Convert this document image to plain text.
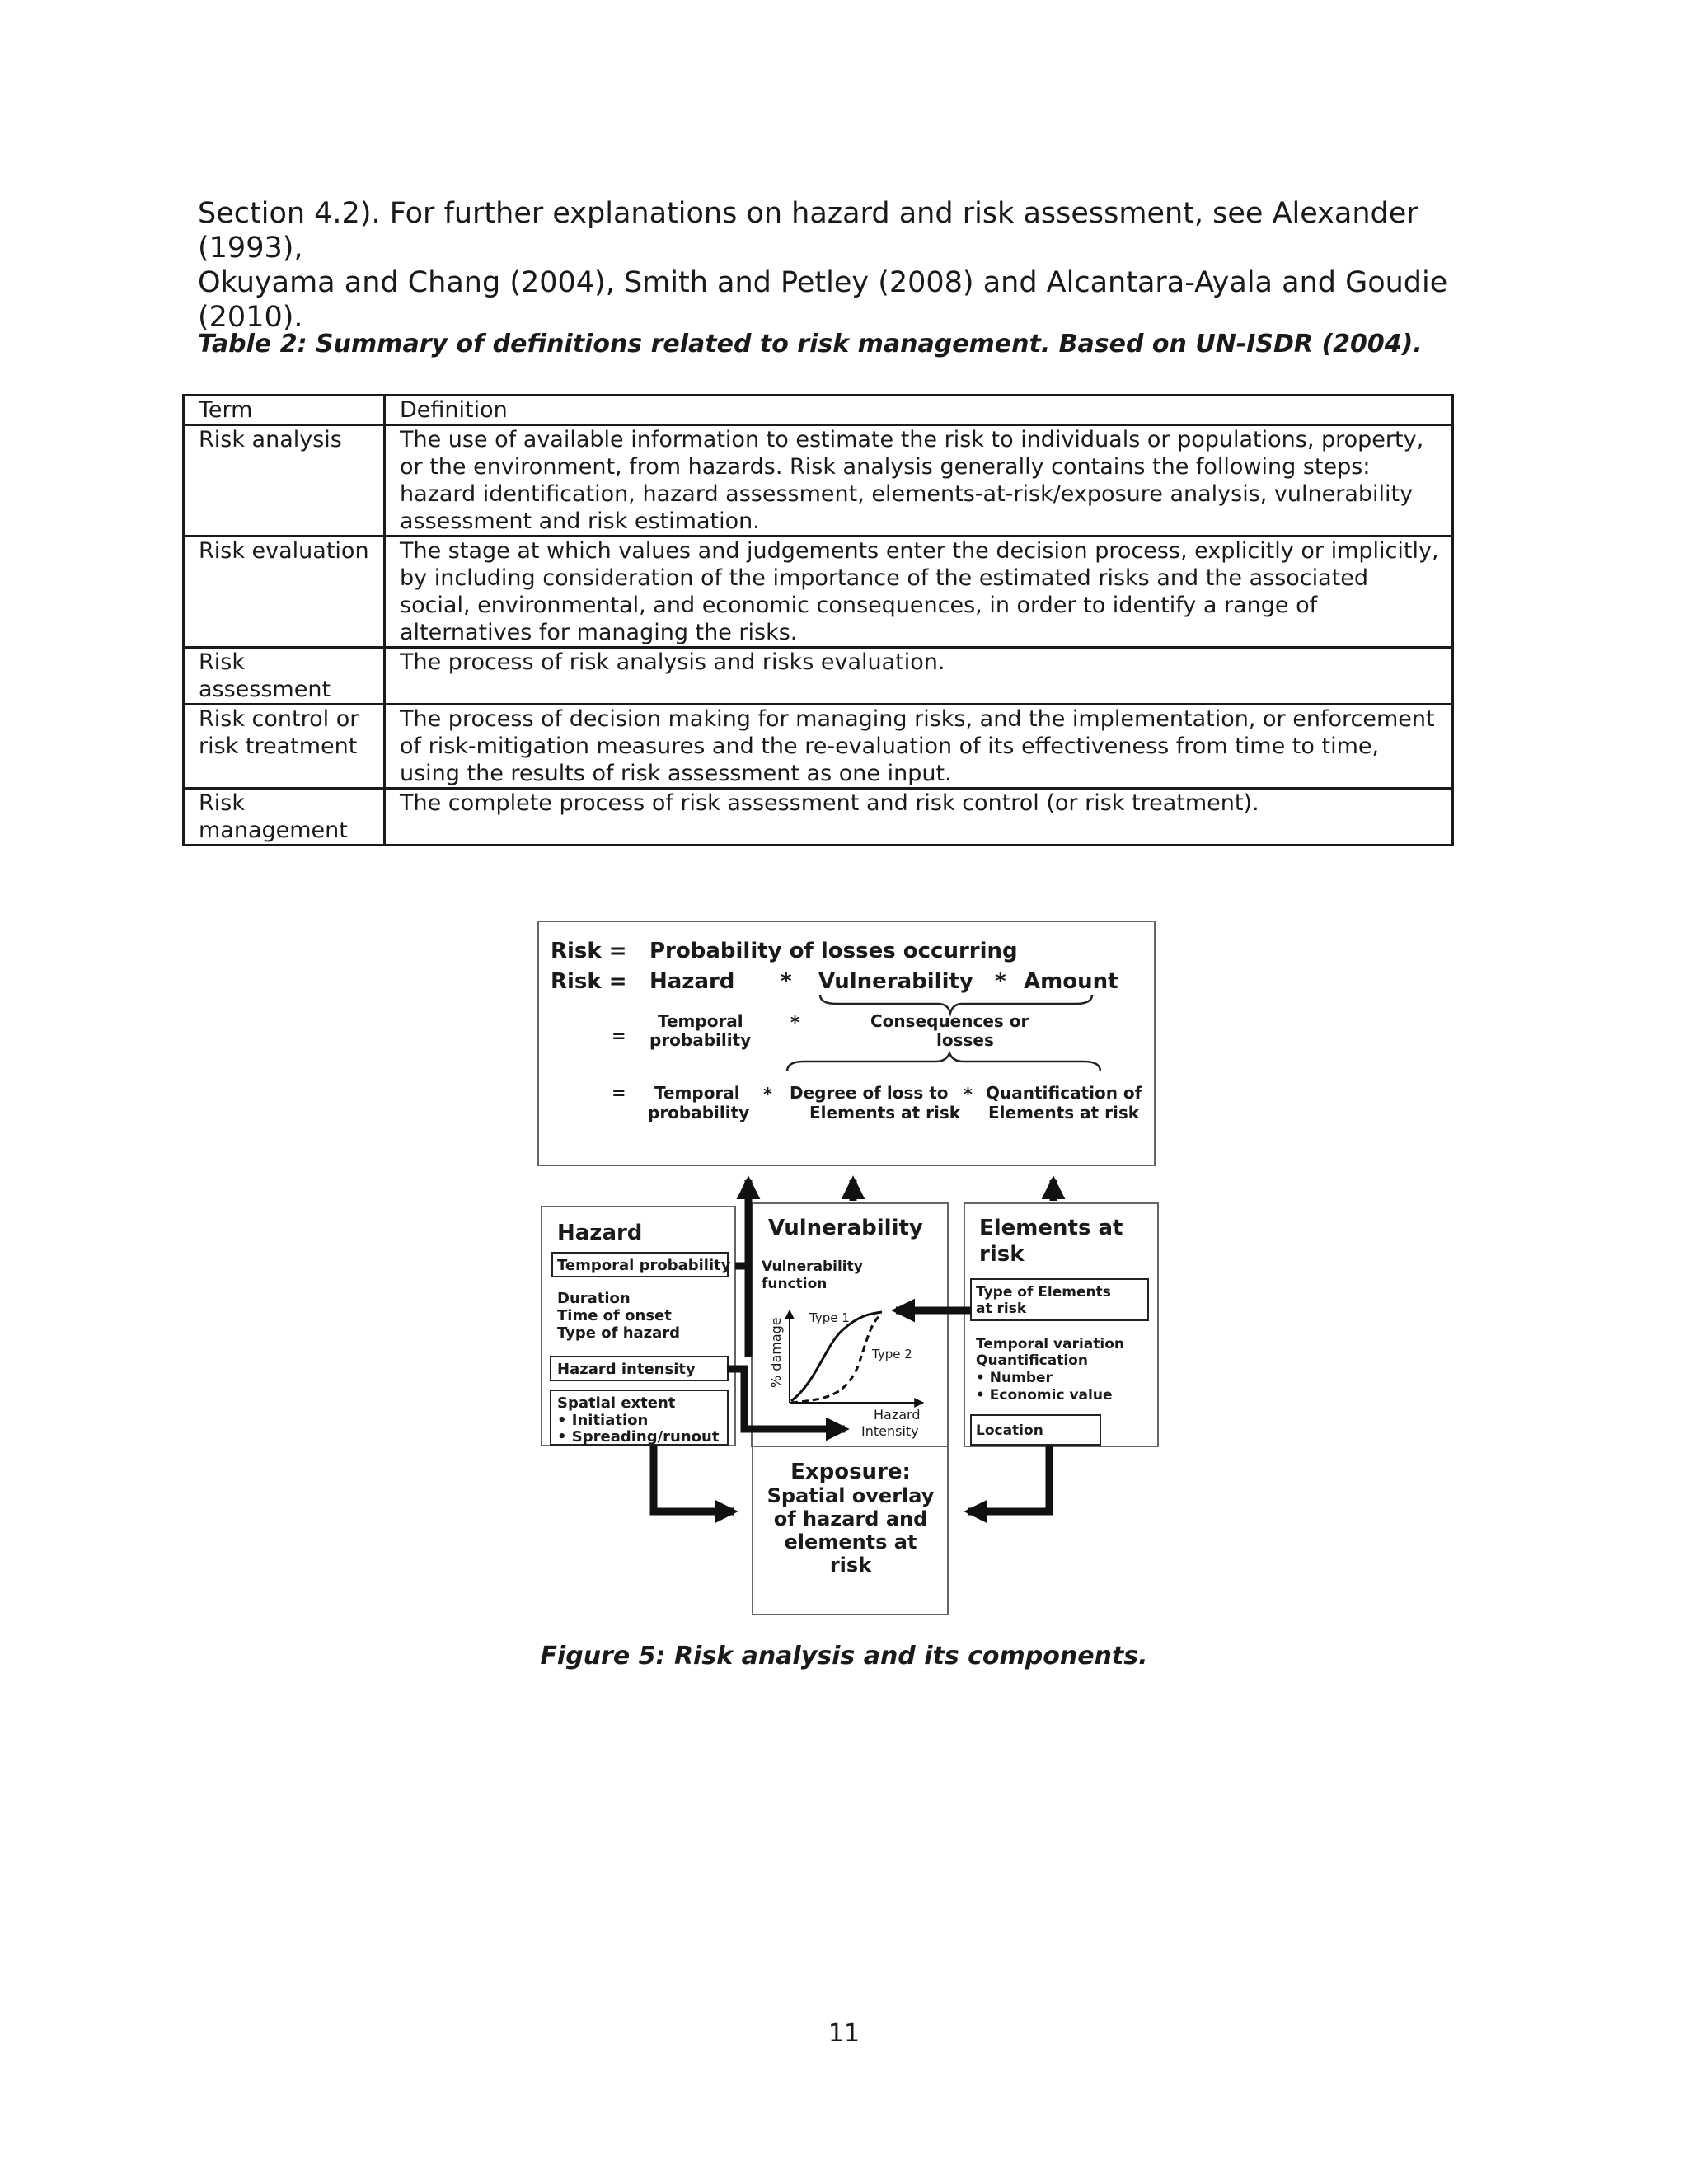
Section 4.2). For further explanations on hazard and risk assessment, see Alexander (1993),
Okuyama and Chang (2004), Smith and Petley (2008) and Alcantara-Ayala and Goudie (2010).

Table 2: Summary of definitions related to risk management. Based on UN-ISDR (2004).

Term	Definition
Risk analysis	The use of available information to estimate the risk to individuals or populations, property, or the environment, from hazards. Risk analysis generally contains the following steps: hazard identification, hazard assessment, elements-at-risk/exposure analysis, vulnerability assessment and risk estimation.
Risk evaluation	The stage at which values and judgements enter the decision process, explicitly or implicitly, by including consideration of the importance of the estimated risks and the associated social, environmental, and economic consequences, in order to identify a range of alternatives for managing the risks.
Risk assessment	The process of risk analysis and risks evaluation.
Risk control or risk treatment	The process of decision making for managing risks, and the implementation, or enforcement of risk-mitigation measures and the re-evaluation of its effectiveness from time to time, using the results of risk assessment as one input.
Risk management	The complete process of risk assessment and risk control (or risk treatment).
Risk = Probability of losses occurring
Risk = Hazard * Vulnerability * Amount
=
Temporal
probability
*	Consequences or
losses
= Temporal
probability
* Degree of loss to
Elements at risk
* Quantification of
Elements at risk
Hazard
Temporal probability
Duration
Time of onset
Type of hazard
Hazard intensity
Spatial extent
• Initiation
• Spreading/runout
Vulnerability
Vulnerability
function
% damage Type 1
Type 2
Hazard
Intensity
Elements at
risk
Type of Elements
at risk
Temporal variation
Quantification
• Number
• Economic value
Location
Exposure:
Spatial overlay
of hazard and
elements at
risk

Figure 5: Risk analysis and its components.

11
